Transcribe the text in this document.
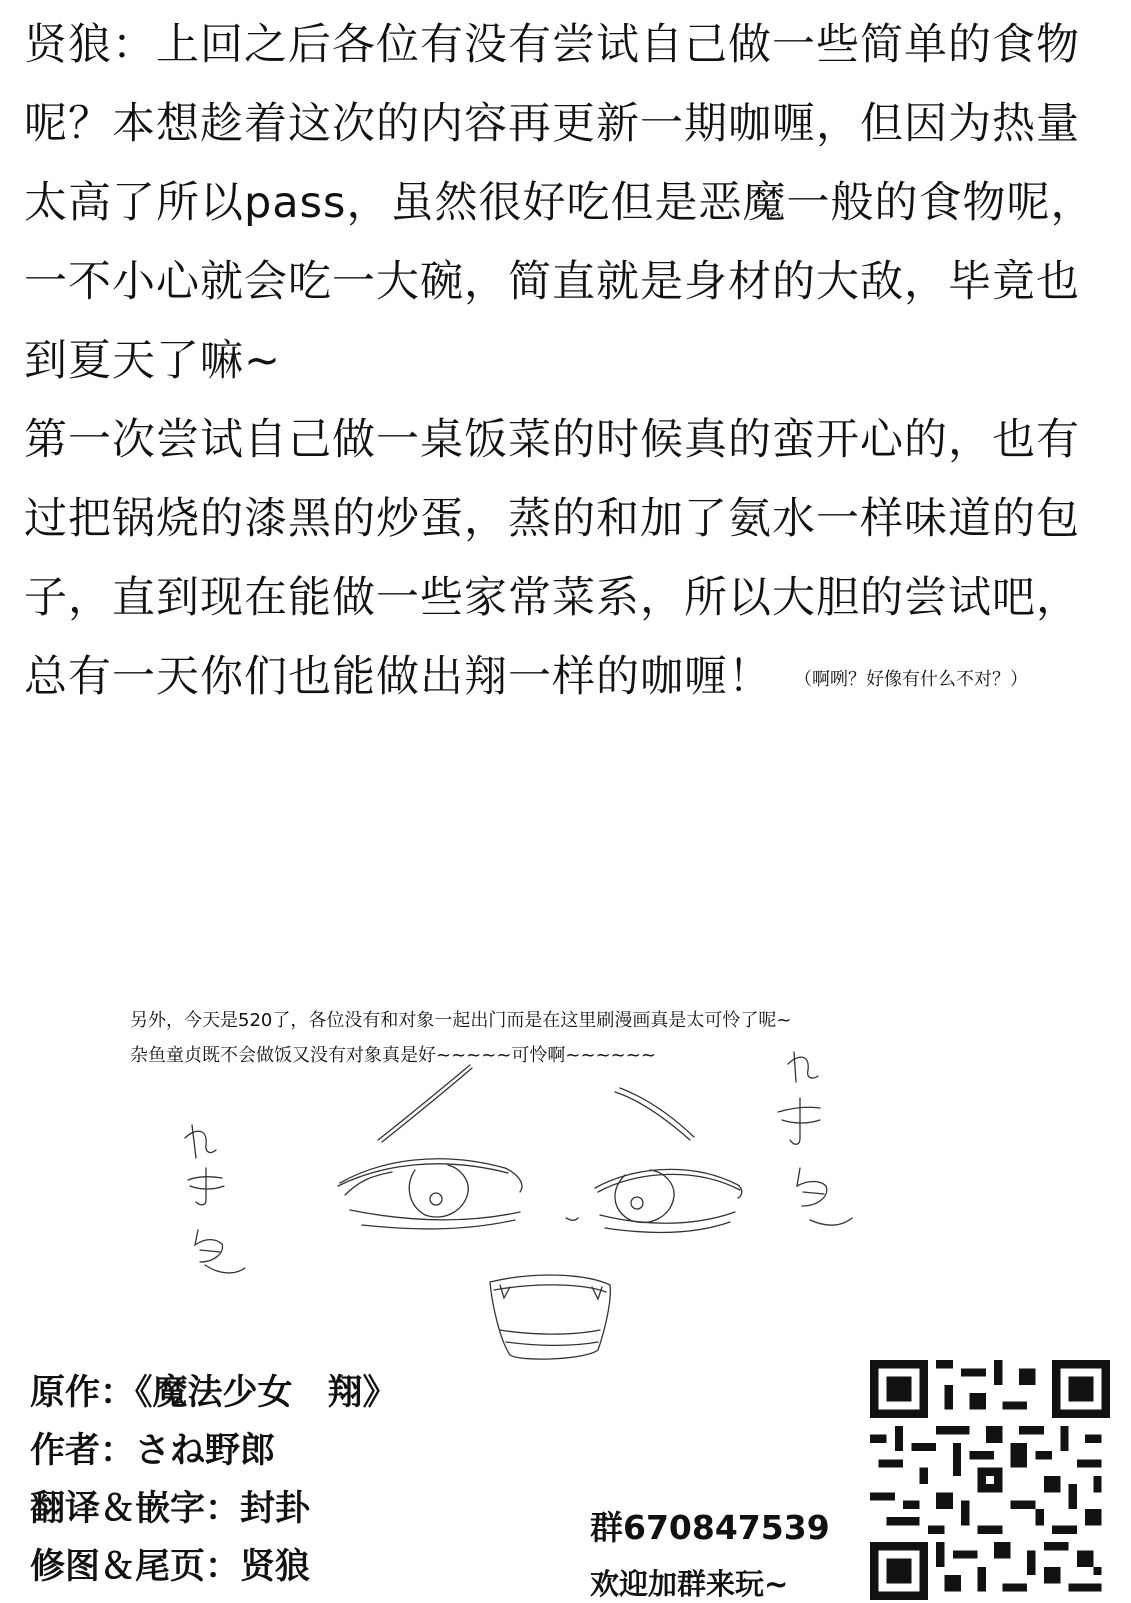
贤狼：上回之后各位有没有尝试自己做一些简单的食物
呢？本想趁着这次的内容再更新一期咖喱，但因为热量
太高了所以pass，虽然很好吃但是恶魔一般的食物呢，
一不小心就会吃一大碗，简直就是身材的大敌，毕竟也
到夏天了嘛~
第一次尝试自己做一桌饭菜的时候真的蛮开心的，也有
过把锅烧的漆黑的炒蛋，蒸的和加了氨水一样味道的包
子，直到现在能做一些家常菜系，所以大胆的尝试吧，
总有一天你们也能做出翔一样的咖喱！ （啊咧？好像有什么不对？）
另外，今天是520了，各位没有和对象一起出门而是在这里刷漫画真是太可怜了呢~
杂鱼童贞既不会做饭又没有对象真是好~~~~~可怜啊~~~~~~
原作：《魔法少女　翔》
作者：さね野郎
翻译＆嵌字：封卦
修图＆尾页：贤狼
群670847539
欢迎加群来玩~
